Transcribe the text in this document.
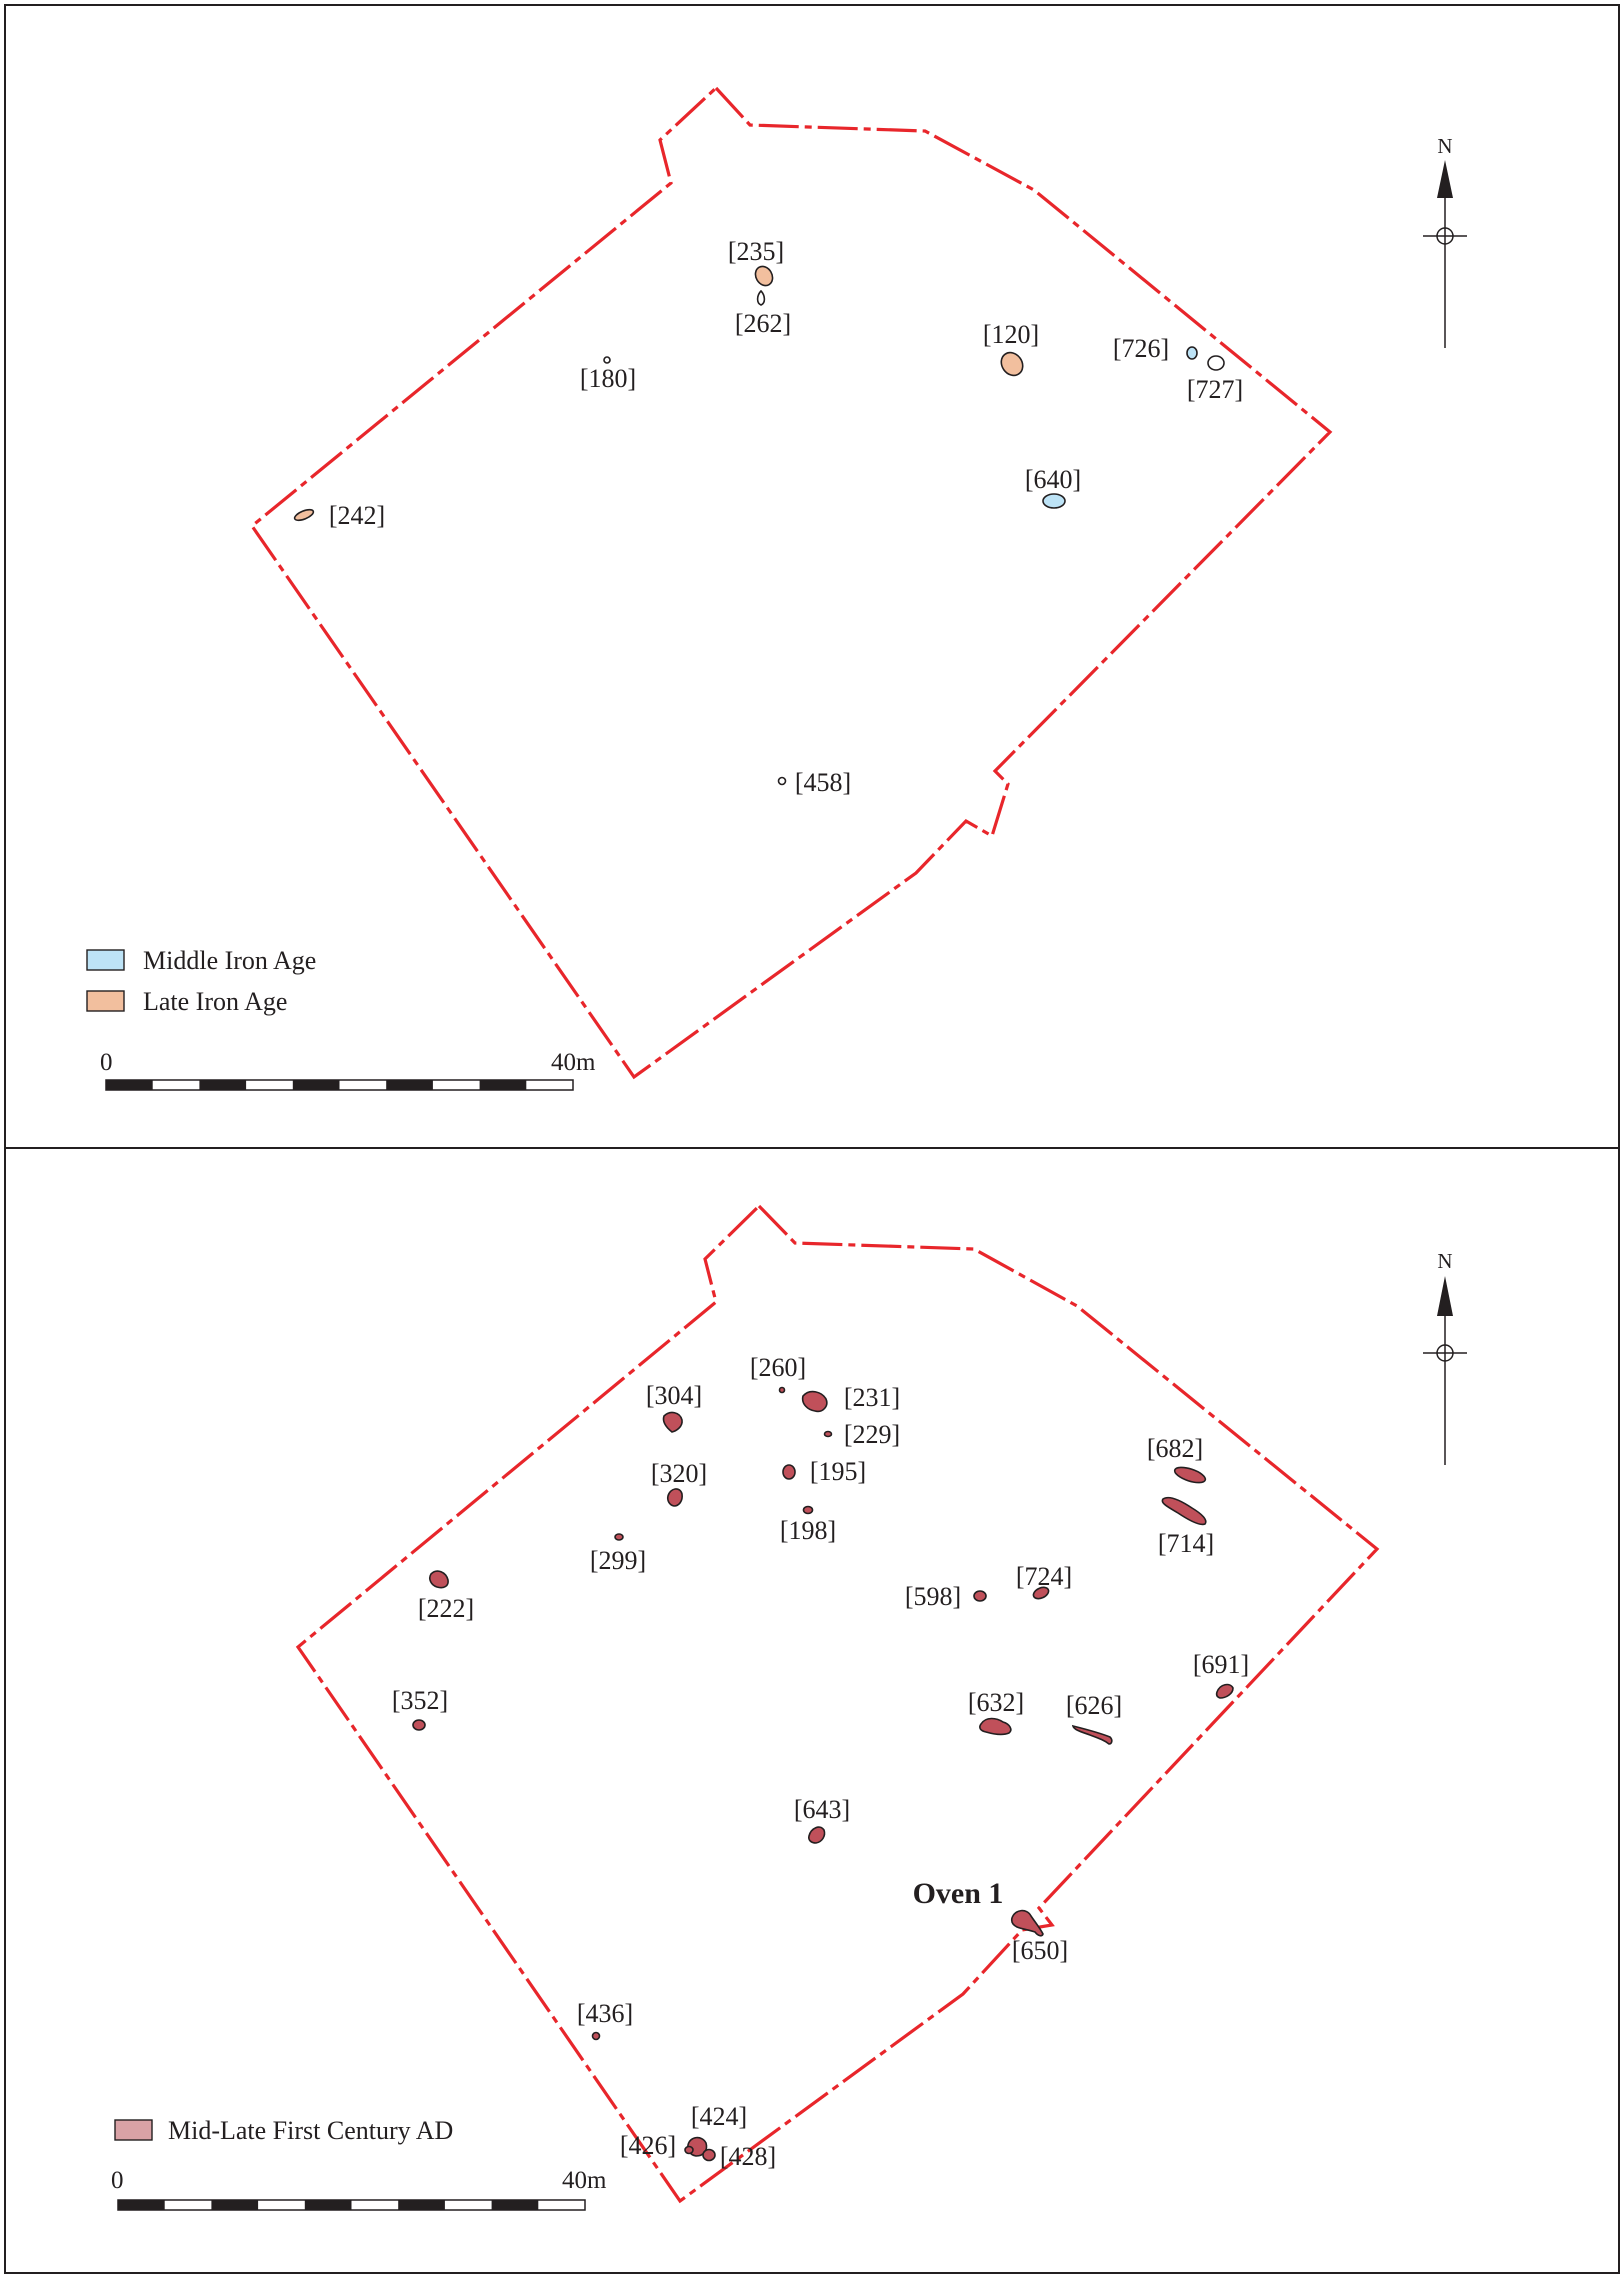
[235]
[262]
[180]
[120]	[726]
[727]
[640]
[242]
[458]
N
Middle Iron Age
Late Iron Age
0	40m
[260]
[231]
[229]
[304]
[195]
[320]
[198]
[299]
[222]
[682]
[714]
[598]
[724]
[691]
[352]	[632] [626]
[643]
[650]
Oven 1
[436]
[424]
[426] [428]
N
Mid-Late First Century AD
0	40m
